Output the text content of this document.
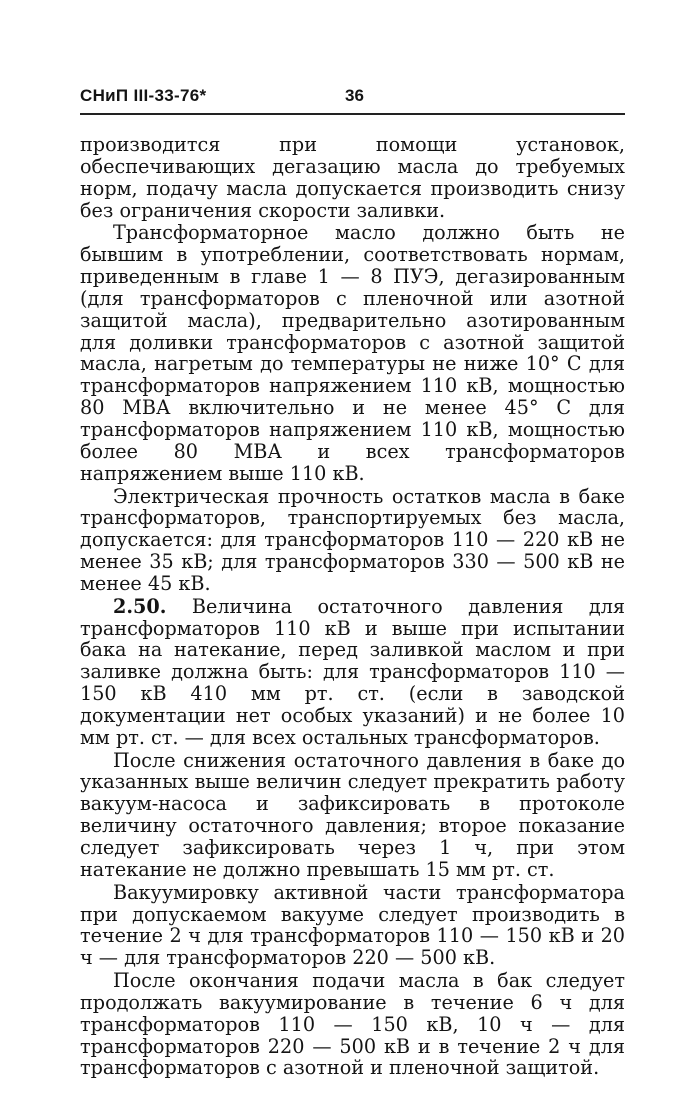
СНиП III-33-76*	36

производится при помощи установок, обеспечивающих дегазацию масла до требуемых норм, подачу масла допускается производить снизу без ограничения скорости заливки.

Трансформаторное масло должно быть не бывшим в употреблении, соответствовать нормам, приведенным в главе 1 — 8 ПУЭ, дегазированным (для трансформаторов с пленочной или азотной защитой масла), предварительно азотированным для доливки трансформаторов с азотной защитой масла, нагретым до температуры не ниже 10° С для трансформаторов напряжением 110 кВ, мощностью 80 МВА включительно и не менее 45° С для трансформаторов напряжением 110 кВ, мощностью более 80 МВА и всех трансформаторов напряжением выше 110 кВ.

Электрическая прочность остатков масла в баке трансформаторов, транспортируемых без масла, допускается: для трансформаторов 110 — 220 кВ не менее 35 кВ; для трансформаторов 330 — 500 кВ не менее 45 кВ.

2.50. Величина остаточного давления для трансформаторов 110 кВ и выше при испытании бака на натекание, перед заливкой маслом и при заливке должна быть: для трансформаторов 110 — 150 кВ 410 мм рт. ст. (если в заводской документации нет особых указаний) и не более 10 мм рт. ст. — для всех остальных трансформаторов.

После снижения остаточного давления в баке до указанных выше величин следует прекратить работу вакуум-насоса и зафиксировать в протоколе величину остаточного давления; второе показание следует зафиксировать через 1 ч, при этом натекание не должно превышать 15 мм рт. ст.

Вакуумировку активной части трансформатора при допускаемом вакууме следует производить в течение 2 ч для трансформаторов 110 — 150 кВ и 20 ч — для трансформаторов 220 — 500 кВ.

После окончания подачи масла в бак следует продолжать вакуумирование в течение 6 ч для трансформаторов 110 — 150 кВ, 10 ч — для трансформаторов 220 — 500 кВ и в течение 2 ч для трансформаторов с азотной и пленочной защитой.
